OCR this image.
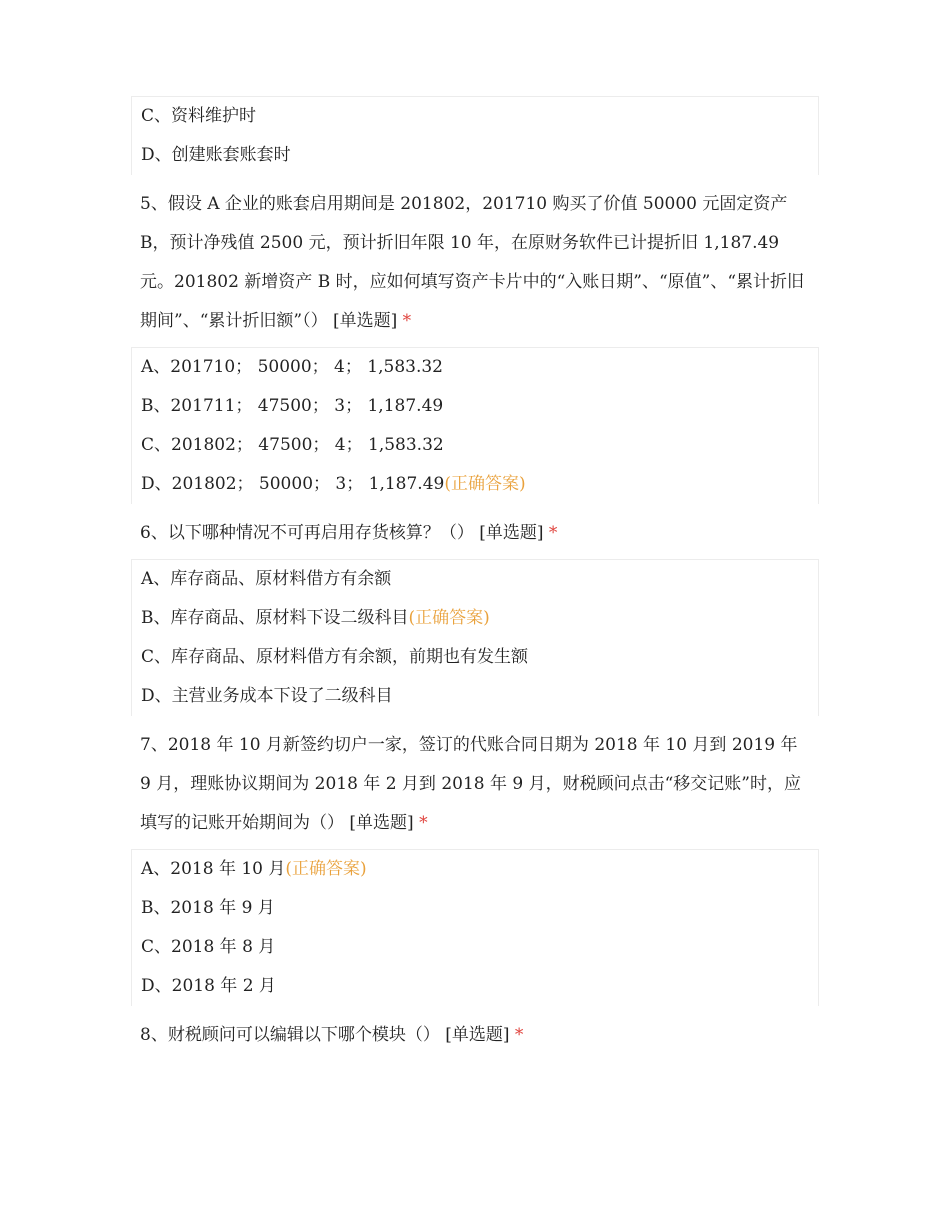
C、资料维护时
D、创建账套账套时
5、假设 A 企业的账套启用期间是 201802，201710 购买了价值 50000 元固定资产 B，预计净残值 2500 元，预计折旧年限 10 年，在原财务软件已计提折旧 1,187.49 元。201802 新增资产 B 时，应如何填写资产卡片中的“入账日期”、“原值”、“累计折旧期间”、“累计折旧额”（） [单选题] *
A、201710； 50000； 4； 1,583.32
B、201711； 47500； 3； 1,187.49
C、201802； 47500； 4； 1,583.32
D、201802； 50000； 3； 1,187.49(正确答案)
6、以下哪种情况不可再启用存货核算？（） [单选题] *
A、库存商品、原材料借方有余额
B、库存商品、原材料下设二级科目(正确答案)
C、库存商品、原材料借方有余额，前期也有发生额
D、主营业务成本下设了二级科目
7、2018 年 10 月新签约切户一家，签订的代账合同日期为 2018 年 10 月到 2019 年 9 月，理账协议期间为 2018 年 2 月到 2018 年 9 月，财税顾问点击“移交记账”时，应填写的记账开始期间为（） [单选题] *
A、2018 年 10 月(正确答案)
B、2018 年 9 月
C、2018 年 8 月
D、2018 年 2 月
8、财税顾问可以编辑以下哪个模块（） [单选题] *
